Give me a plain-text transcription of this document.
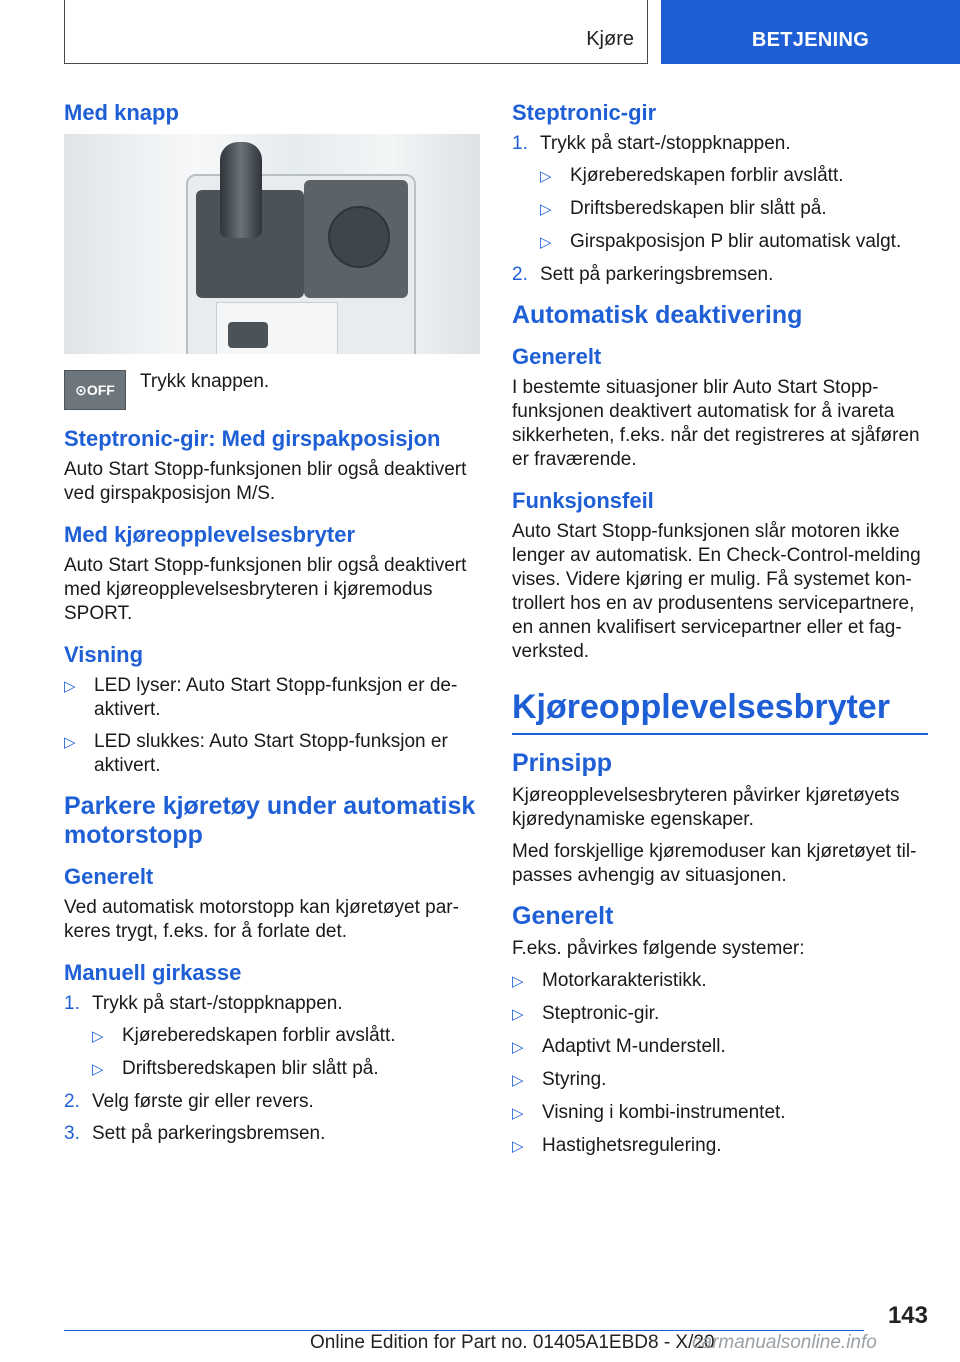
Kjøre	BETJENING
Med knapp
⊙OFF	Trykk knappen.

Steptronic-gir: Med girspakposisjon

Auto Start Stopp-funksjonen blir også deaktivert ved girspakposisjon M/S.

Med kjøreopplevelsesbryter

Auto Start Stopp-funksjonen blir også deaktivert med kjøreopplevelsesbryteren i kjøremodus SPORT.

Visning
▷ LED lyser: Auto Start Stopp-funksjon er de-aktivert.
▷ LED slukkes: Auto Start Stopp-funksjon er aktivert.
Parkere kjøretøy under automatisk motorstopp
Generelt

Ved automatisk motorstopp kan kjøretøyet par-keres trygt, f.eks. for å forlate det.

Manuell girkasse
1. Trykk på start-/stoppknappen.
▷ Kjøreberedskapen forblir avslått.
▷ Driftsberedskapen blir slått på.
2. Velg første gir eller revers.
3. Sett på parkeringsbremsen.
Steptronic-gir
1. Trykk på start-/stoppknappen.
▷ Kjøreberedskapen forblir avslått.
▷ Driftsberedskapen blir slått på.
▷ Girspakposisjon P blir automatisk valgt.
2. Sett på parkeringsbremsen.
Automatisk deaktivering
Generelt

I bestemte situasjoner blir Auto Start Stopp-funksjonen deaktivert automatisk for å ivareta sikkerheten, f.eks. når det registreres at sjåføren er fraværende.

Funksjonsfeil

Auto Start Stopp-funksjonen slår motoren ikke lenger av automatisk. En Check-Control-melding vises. Videre kjøring er mulig. Få systemet kon-trollert hos en av produsentens servicepartnere, en annen kvalifisert servicepartner eller et fag-verksted.

Kjøreopplevelsesbryter
Prinsipp

Kjøreopplevelsesbryteren påvirker kjøretøyets kjøredynamiske egenskaper.

Med forskjellige kjøremoduser kan kjøretøyet til-passes avhengig av situasjonen.

Generelt

F.eks. påvirkes følgende systemer:

▷ Motorkarakteristikk.
▷ Steptronic-gir.
▷ Adaptivt M-understell.
▷ Styring.
▷ Visning i kombi-instrumentet.
▷ Hastighetsregulering.
143
Online Edition for Part no. 01405A1EBD8 - X/20
carmanualsonline.info
